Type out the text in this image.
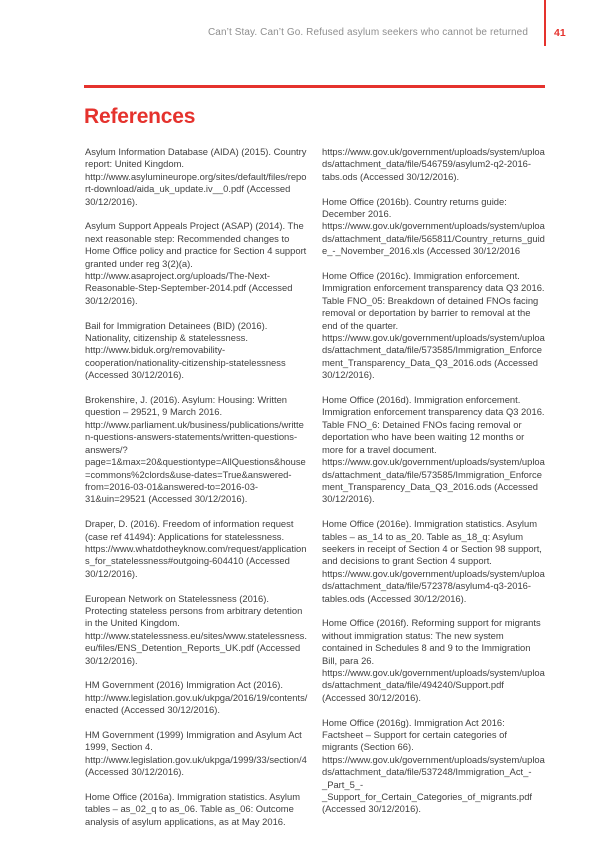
Can’t Stay. Can’t Go. Refused asylum seekers who cannot be returned 41
References

Asylum Information Database (AIDA) (2015). Country report: United Kingdom. http://www.asylumineurope.org/sites/default/files/report-download/aida_uk_update.iv__0.pdf (Accessed 30/12/2016).

Asylum Support Appeals Project (ASAP) (2014). The next reasonable step: Recommended changes to Home Office policy and practice for Section 4 support granted under reg 3(2)(a). http://www.asaproject.org/uploads/The-Next-Reasonable-Step-September-2014.pdf (Accessed 30/12/2016).

Bail for Immigration Detainees (BID) (2016). Nationality, citizenship & statelessness. http://www.biduk.org/removability-cooperation/nationality-citizenship-statelessness (Accessed 30/12/2016).

Brokenshire, J. (2016). Asylum: Housing: Written question – 29521, 9 March 2016. http://www.parliament.uk/business/publications/written-questions-answers-statements/written-questions-answers/?page=1&max=20&questiontype=AllQuestions&house=commons%2clords&use-dates=True&answered-from=2016-03-01&answered-to=2016-03-31&uin=29521 (Accessed 30/12/2016).

Draper, D. (2016). Freedom of information request (case ref 41494): Applications for statelessness. https://www.whatdotheyknow.com/request/applications_for_statelessness#outgoing-604410 (Accessed 30/12/2016).

European Network on Statelessness (2016). Protecting stateless persons from arbitrary detention in the United Kingdom. http://www.statelessness.eu/sites/www.statelessness.eu/files/ENS_Detention_Reports_UK.pdf (Accessed 30/12/2016).

HM Government (2016) Immigration Act (2016). http://www.legislation.gov.uk/ukpga/2016/19/contents/enacted (Accessed 30/12/2016).

HM Government (1999) Immigration and Asylum Act 1999, Section 4. http://www.legislation.gov.uk/ukpga/1999/33/section/4 (Accessed 30/12/2016).

Home Office (2016a). Immigration statistics. Asylum tables – as_02_q to as_06. Table as_06: Outcome analysis of asylum applications, as at May 2016.

https://www.gov.uk/government/uploads/system/uploads/attachment_data/file/546759/asylum2-q2-2016-tabs.ods (Accessed 30/12/2016).

Home Office (2016b). Country returns guide: December 2016. https://www.gov.uk/government/uploads/system/uploads/attachment_data/file/565811/Country_returns_guide_-_November_2016.xls (Accessed 30/12/2016

Home Office (2016c). Immigration enforcement. Immigration enforcement transparency data Q3 2016. Table FNO_05: Breakdown of detained FNOs facing removal or deportation by barrier to removal at the end of the quarter. https://www.gov.uk/government/uploads/system/uploads/attachment_data/file/573585/Immigration_Enforcement_Transparency_Data_Q3_2016.ods (Accessed 30/12/2016).

Home Office (2016d). Immigration enforcement. Immigration enforcement transparency data Q3 2016. Table FNO_6: Detained FNOs facing removal or deportation who have been waiting 12 months or more for a travel document. https://www.gov.uk/government/uploads/system/uploads/attachment_data/file/573585/Immigration_Enforcement_Transparency_Data_Q3_2016.ods (Accessed 30/12/2016).

Home Office (2016e). Immigration statistics. Asylum tables – as_14 to as_20. Table as_18_q: Asylum seekers in receipt of Section 4 or Section 98 support, and decisions to grant Section 4 support. https://www.gov.uk/government/uploads/system/uploads/attachment_data/file/572378/asylum4-q3-2016-tables.ods (Accessed 30/12/2016).

Home Office (2016f). Reforming support for migrants without immigration status: The new system contained in Schedules 8 and 9 to the Immigration Bill, para 26. https://www.gov.uk/government/uploads/system/uploads/attachment_data/file/494240/Support.pdf (Accessed 30/12/2016).

Home Office (2016g). Immigration Act 2016: Factsheet – Support for certain categories of migrants (Section 66). https://www.gov.uk/government/uploads/system/uploads/attachment_data/file/537248/Immigration_Act_-_Part_5_-_Support_for_Certain_Categories_of_migrants.pdf (Accessed 30/12/2016).
